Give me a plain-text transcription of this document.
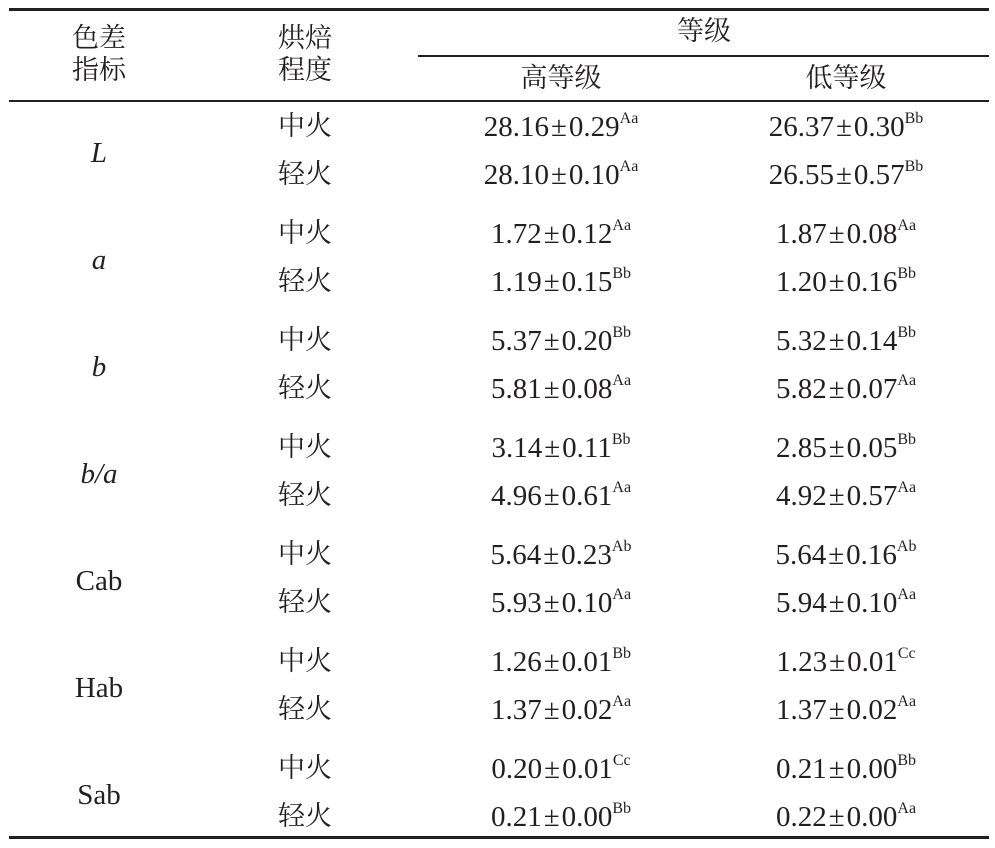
色差
指标
烘焙
程度
等级
高等级	低等级
L
中火	$28.16\pm 0.29^{Aa}$	$26.37\pm 0.30^{Bb}$
轻火	$28.10\pm 0.10^{Aa}$	$26.55\pm 0.57^{Bb}$
a
中火	$1.72\pm 0.12^{Aa}$	$1.87\pm 0.08^{Aa}$
轻火	$1.19\pm 0.15^{Bb}$	$1.20\pm 0.16^{Bb}$
b
中火	$5.37\pm 0.20^{Bb}$	$5.32\pm 0.14^{Bb}$
轻火	$5.81\pm 0.08^{Aa}$	$5.82\pm 0.07^{Aa}$
b/a
中火	$3.14\pm 0.11^{Bb}$	$2.85\pm 0.05^{Bb}$
轻火	$4.96\pm 0.61^{Aa}$	$4.92\pm 0.57^{Aa}$
Cab
中火	$5.64\pm 0.23^{Ab}$	$5.64\pm 0.16^{Ab}$
轻火	$5.93\pm 0.10^{Aa}$	$5.94\pm 0.10^{Aa}$
Hab
中火	$1.26\pm 0.01^{Bb}$	$1.23\pm 0.01^{Cc}$
轻火	$1.37\pm 0.02^{Aa}$	$1.37\pm 0.02^{Aa}$
Sab
中火	$0.20\pm 0.01^{Cc}$	$0.21\pm 0.00^{Bb}$
轻火	$0.21\pm 0.00^{Bb}$	$0.22\pm 0.00^{Aa}$
